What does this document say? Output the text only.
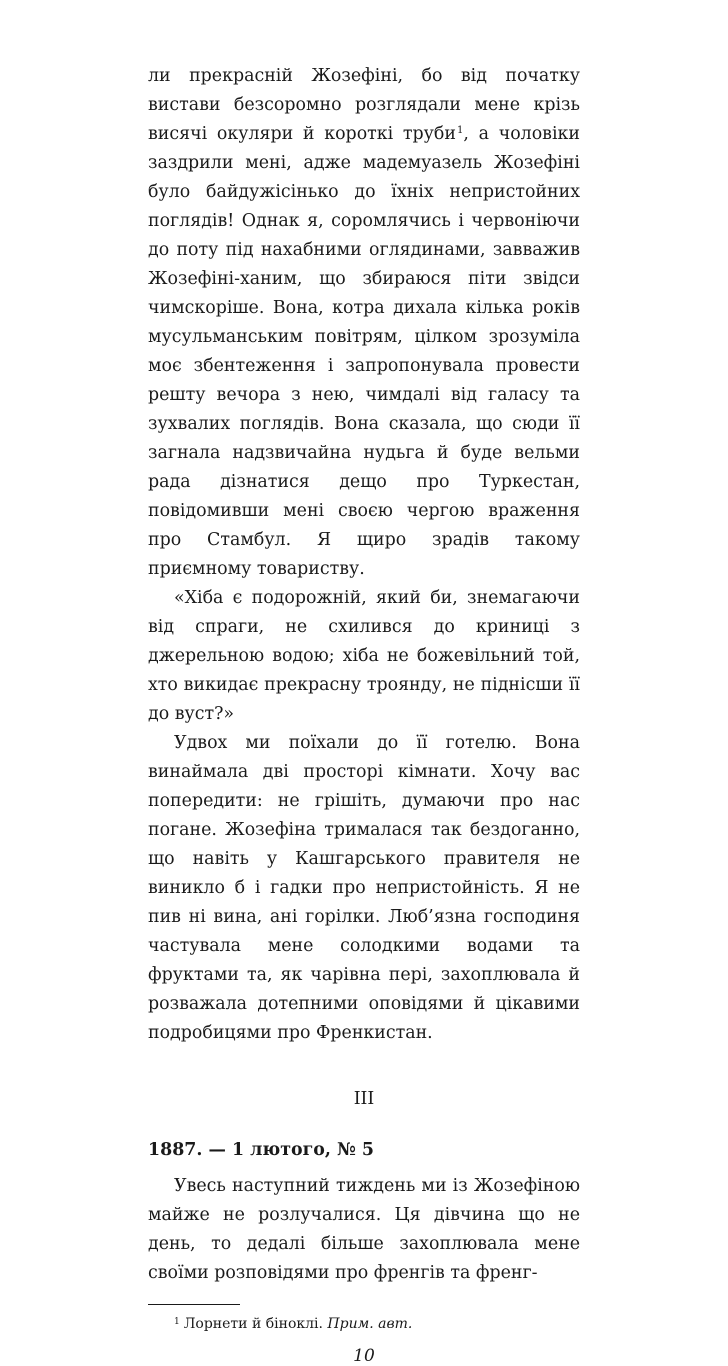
ли прекрасній Жозефіні, бо від початку вистави безсоромно розглядали мене крізь висячі окуляри й короткі труби$^1$, а чоловіки заздрили мені, адже мадемуазель Жозефіні було байдужісінько до їхніх непристойних поглядів! Однак я, соромлячись і червоніючи до поту під нахабними оглядинами, завважив Жозефіні-ханим, що збираюся піти звідси чимскоріше. Вона, котра дихала кілька років мусульманським повітрям, цілком зрозуміла моє збентеження і запропонувала провести решту вечора з нею, чимдалі від галасу та зухвалих поглядів. Вона сказала, що сюди її загнала надзвичайна нудьга й буде вельми рада дізнатися дещо про Туркестан, повідомивши мені своєю чергою враження про Стамбул. Я щиро зрадів такому приємному товариству.

«Хіба є подорожній, який би, знемагаючи від спраги, не схилився до криниці з джерельною водою; хіба не божевільний той, хто викидає прекрасну троянду, не піднісши її до вуст?»

Удвох ми поїхали до її готелю. Вона винаймала дві просторі кімнати. Хочу вас попередити: не грішіть, думаючи про нас погане. Жозефіна трималася так бездоганно, що навіть у Кашгарського правителя не виникло б і гадки про непристойність. Я не пив ні вина, ані горілки. Люб’язна господиня частувала мене солодкими водами та фруктами та, як чарівна пері, захоплювала й розважала дотепними оповідями й цікавими подробицями про Френкистан.

III
1887. — 1 лютого, № 5

Увесь наступний тиждень ми із Жозефіною майже не розлучалися. Ця дівчина що не день, то дедалі більше захоплювала мене своїми розповідями про френгів та френг-

$^1$ Лорнети й біноклі. Прим. авт.
10
